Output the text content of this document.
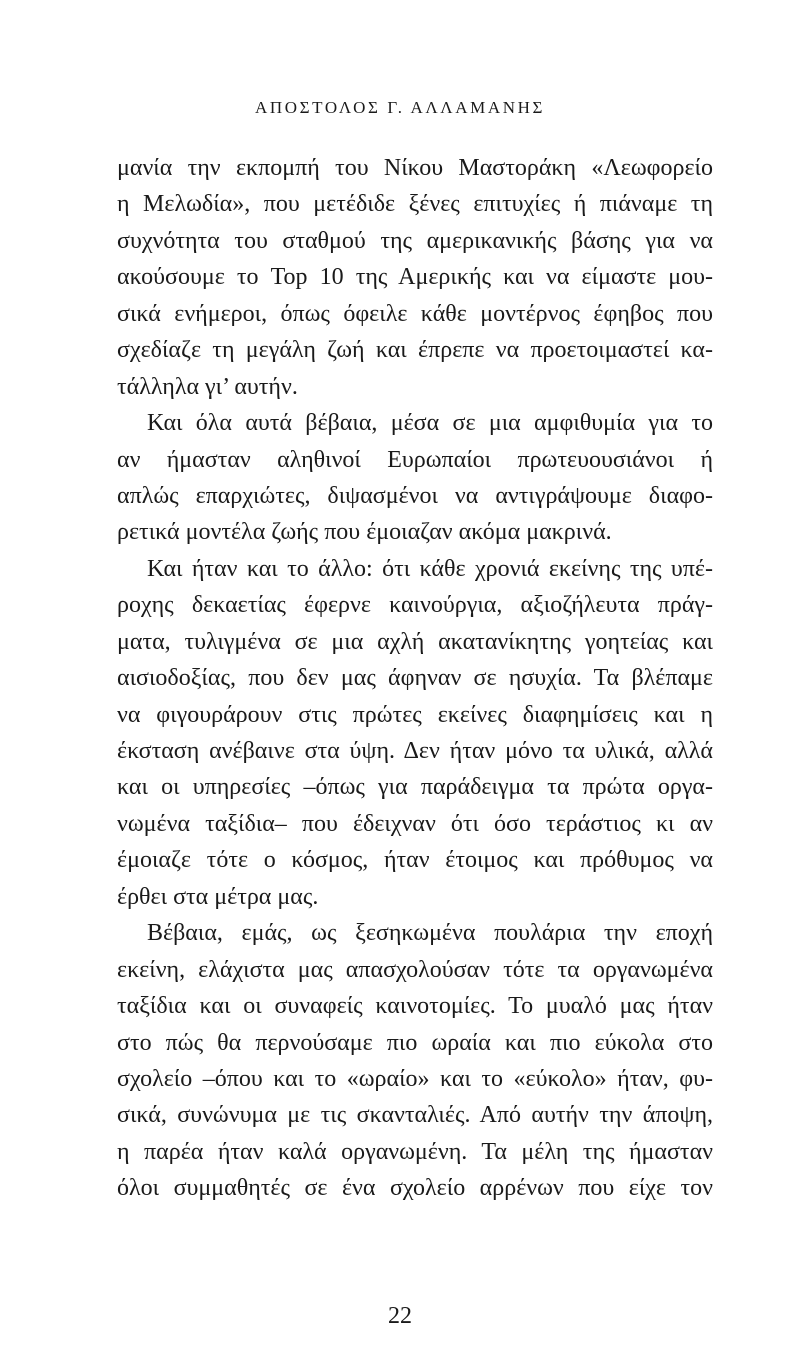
ΑΠΟΣΤΟΛΟΣ Γ. ΑΛΛΑΜΑΝΗΣ
μανία την εκπομπή του Νίκου Μαστοράκη «Λεωφορείο
η Μελωδία», που μετέδιδε ξένες επιτυχίες ή πιάναμε τη
συχνότητα του σταθμού της αμερικανικής βάσης για να
ακούσουμε το Top 10 της Αμερικής και να είμαστε μου-
σικά ενήμεροι, όπως όφειλε κάθε μοντέρνος έφηβος που
σχεδίαζε τη μεγάλη ζωή και έπρεπε να προετοιμαστεί κα-
τάλληλα γι’ αυτήν.
Και όλα αυτά βέβαια, μέσα σε μια αμφιθυμία για το
αν ήμασταν αληθινοί Ευρωπαίοι πρωτευουσιάνοι ή
απλώς επαρχιώτες, διψασμένοι να αντιγράψουμε διαφο-
ρετικά μοντέλα ζωής που έμοιαζαν ακόμα μακρινά.
Και ήταν και το άλλο: ότι κάθε χρονιά εκείνης της υπέ-
ροχης δεκαετίας έφερνε καινούργια, αξιοζήλευτα πράγ-
ματα, τυλιγμένα σε μια αχλή ακατανίκητης γοητείας και
αισιοδοξίας, που δεν μας άφηναν σε ησυχία. Τα βλέπαμε
να φιγουράρουν στις πρώτες εκείνες διαφημίσεις και η
έκσταση ανέβαινε στα ύψη. Δεν ήταν μόνο τα υλικά, αλλά
και οι υπηρεσίες –όπως για παράδειγμα τα πρώτα οργα-
νωμένα ταξίδια– που έδειχναν ότι όσο τεράστιος κι αν
έμοιαζε τότε ο κόσμος, ήταν έτοιμος και πρόθυμος να
έρθει στα μέτρα μας.
Βέβαια, εμάς, ως ξεσηκωμένα πουλάρια την εποχή
εκείνη, ελάχιστα μας απασχολούσαν τότε τα οργανωμένα
ταξίδια και οι συναφείς καινοτομίες. Το μυαλό μας ήταν
στο πώς θα περνούσαμε πιο ωραία και πιο εύκολα στο
σχολείο –όπου και το «ωραίο» και το «εύκολο» ήταν, φυ-
σικά, συνώνυμα με τις σκανταλιές. Από αυτήν την άποψη,
η παρέα ήταν καλά οργανωμένη. Τα μέλη της ήμασταν
όλοι συμμαθητές σε ένα σχολείο αρρένων που είχε τον
22
